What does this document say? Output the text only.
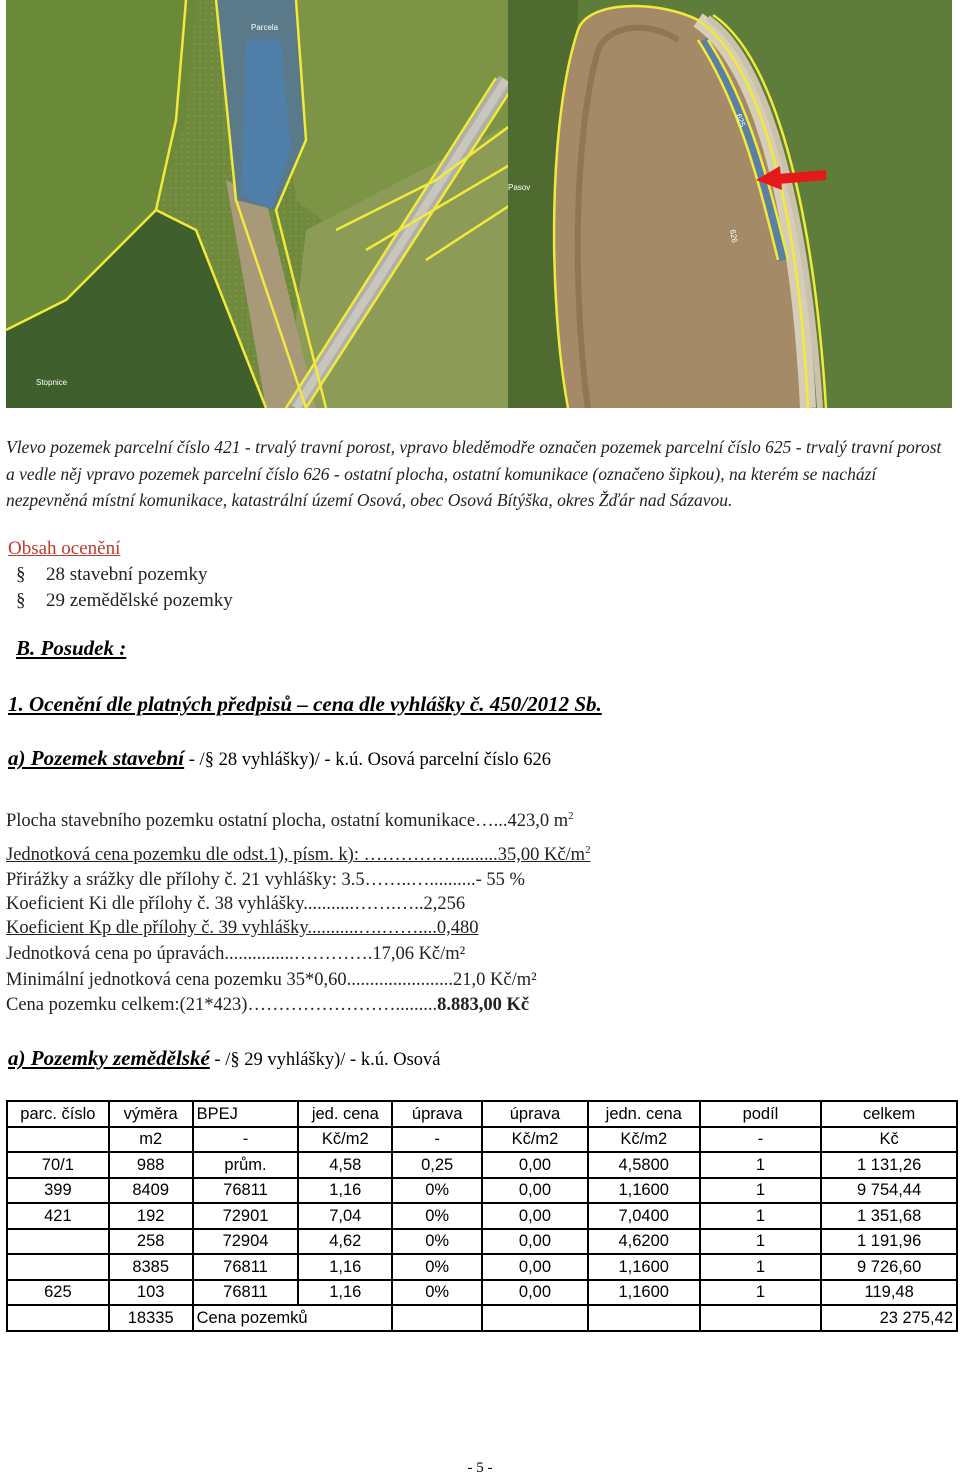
Parcela
Stopnice
625
626
Pasov
Vlevo pozemek parcelní číslo 421 - trvalý travní porost, vpravo bleděmodře označen pozemek parcelní číslo 625 - trvalý travní porost a vedle něj vpravo pozemek parcelní číslo 626 - ostatní plocha, ostatní komunikace (označeno šipkou), na kterém se nachází nezpevněná místní komunikace, katastrální území Osová, obec Osová Bítýška, okres Žďár nad Sázavou.
Obsah ocenění
§ 28 stavební pozemky
§ 29 zemědělské pozemky
B. Posudek :
1. Ocenění dle platných předpisů – cena dle vyhlášky č. 450/2012 Sb.
a) Pozemek stavební - /§ 28 vyhlášky)/ - k.ú. Osová parcelní číslo 626
Plocha stavebního pozemku ostatní plocha, ostatní komunikace…...423,0 $m^2$
Jednotková cena pozemku dle odst.1), písm. k): …………….........35,00 $Kč/m^2$
Přirážky a srážky dle přílohy č. 21 vyhlášky: 3.5……..…..........- 55 %
Koeficient Ki dle přílohy č. 38 vyhlášky...........…….…..2,256
Koeficient Kp dle přílohy č. 39 vyhlášky...........….……....0,480
Jednotková cena po úpravách...............………….17,06 Kč/m²
Minimální jednotková cena pozemku 35*0,60.......................21,0 Kč/m²
Cena pozemku celkem:(21*423)…………………….........8.883,00 Kč
a) Pozemky zemědělské - /§ 29 vyhlášky)/ - k.ú. Osová
parc. číslo	výměra	BPEJ	jed. cena	úprava	úprava	jedn. cena	podíl	celkem
	m2	-	Kč/m2	-	Kč/m2	Kč/m2	-	Kč
70/1	988	prům.	4,58	0,25	0,00	4,5800	1	1 131,26
399	8409	76811	1,16	0%	0,00	1,1600	1	9 754,44
421	192	72901	7,04	0%	0,00	7,0400	1	1 351,68
	258	72904	4,62	0%	0,00	4,6200	1	1 191,96
	8385	76811	1,16	0%	0,00	1,1600	1	9 726,60
625	103	76811	1,16	0%	0,00	1,1600	1	119,48
	18335	Cena pozemků						23 275,42
- 5 -
